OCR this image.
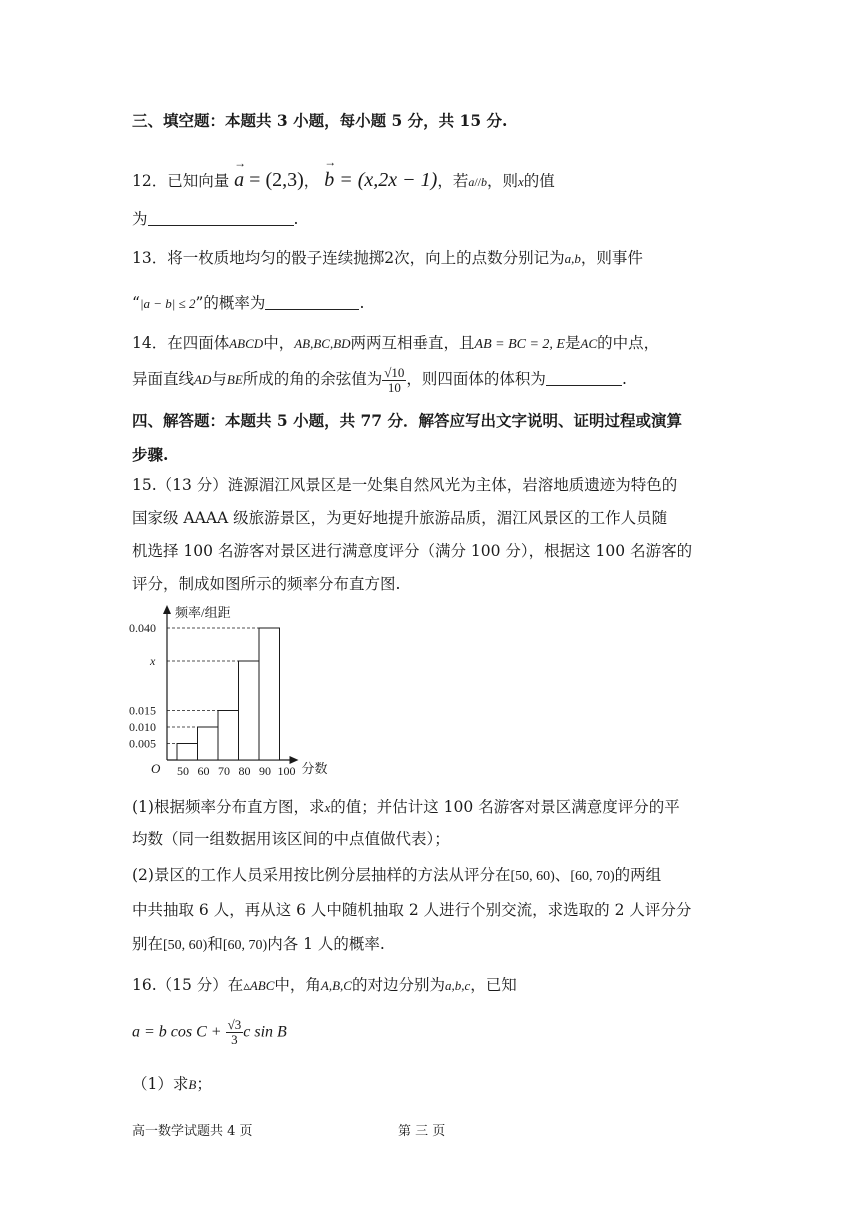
三、填空题：本题共 3 小题，每小题 5 分，共 15 分.
12．已知向量
→
a = (2,3)，
→
b = (x,2x − 1)，若a//b，则x的值
为	.
13．将一枚质地均匀的骰子连续抛掷2次，向上的点数分别记为a,b，则事件
“|a − b| ≤ 2”的概率为	.
14．在四面体ABCD中，AB,BC,BD两两互相垂直，且AB = BC = 2, E是AC的中点，
异面直线AD与BE所成的角的余弦值为 $\frac{√10}{10}$ ，则四面体的体积为	.
四、解答题：本题共 5 小题，共 77 分．解答应写出文字说明、证明过程或演算
步骤.
15.（13 分）涟源湄江风景区是一处集自然风光为主体，岩溶地质遗迹为特色的
国家级 AAAA 级旅游景区，为更好地提升旅游品质，湄江风景区的工作人员随
机选择 100 名游客对景区进行满意度评分（满分 100 分），根据这 100 名游客的
评分，制成如图所示的频率分布直方图.
频率/组距
分数
O 50 60 70 80 90 100
0.005
0.010
0.015
x
0.040
(1)根据频率分布直方图，求x的值；并估计这 100 名游客对景区满意度评分的平
均数（同一组数据用该区间的中点值做代表）；
(2)景区的工作人员采用按比例分层抽样的方法从评分在[50, 60)、[60, 70)的两组
中共抽取 6 人，再从这 6 人中随机抽取 2 人进行个别交流，求选取的 2 人评分分
别在[50, 60)和[60, 70)内各 1 人的概率.
16.（15 分）在▵ABC中，角A,B,C的对边分别为a,b,c，已知
a = b $\cos C + \frac{√3}{3}$ c sin B
（1）求B；
高一数学试题共 4 页	第 三 页
